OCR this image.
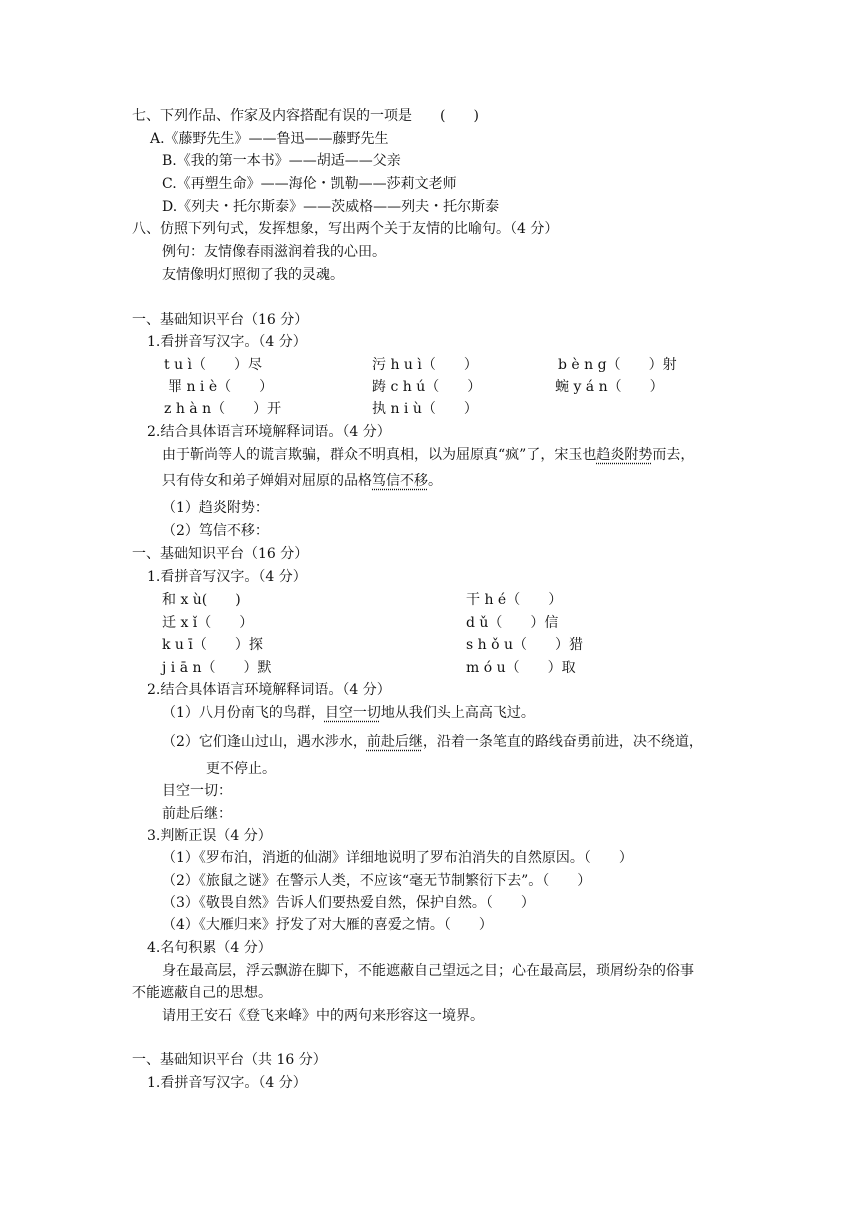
七、下列作品、作家及内容搭配有误的一项是　　(　　)
A.《藤野先生》——鲁迅——藤野先生
B.《我的第一本书》——胡适——父亲
C.《再塑生命》——海伦・凯勒——莎莉文老师
D.《列夫・托尔斯泰》——茨威格——列夫・托尔斯泰
八、仿照下列句式，发挥想象，写出两个关于友情的比喻句。（4 分）
例句：友情像春雨滋润着我的心田。
友情像明灯照彻了我的灵魂。
一、基础知识平台（16 分）
1.看拼音写汉字。（4 分）
t u ì（　　）尽	污 h u ì（　　）	b è n g（　　）射
罪 n i è（　　）	踌 c h ú（　　）	蜿 y á n（　　）
z h à n（　　）开	执 n i ù（　　）
2.结合具体语言环境解释词语。（4 分）
由于靳尚等人的谎言欺骗，群众不明真相，以为屈原真“疯”了，宋玉也趋炎附势而去，
只有侍女和弟子婵娟对屈原的品格笃信不移。
（1）趋炎附势：
（2）笃信不移：
一、基础知识平台（16 分）
1.看拼音写汉字。（4 分）
和 x ù(　　)	干 h é（　　）
迁 x ǐ（　　）	d ǔ（　　）信
k u ī（　　）探	s h ǒ u（　　）猎
j i ā n（　　）默	m ó u（　　）取
2.结合具体语言环境解释词语。（4 分）
（1）八月份南飞的鸟群，目空一切地从我们头上高高飞过。
（2）它们逢山过山，遇水涉水，前赴后继，沿着一条笔直的路线奋勇前进，决不绕道，
更不停止。
目空一切：
前赴后继：
3.判断正误（4 分）
（1）《罗布泊，消逝的仙湖》详细地说明了罗布泊消失的自然原因。（　　）
（2）《旅鼠之谜》在警示人类，不应该“毫无节制繁衍下去”。（　　）
（3）《敬畏自然》告诉人们要热爱自然，保护自然。（　　）
（4）《大雁归来》抒发了对大雁的喜爱之情。（　　）
4.名句积累（4 分）
身在最高层，浮云飘游在脚下，不能遮蔽自己望远之目；心在最高层，琐屑纷杂的俗事
不能遮蔽自己的思想。
请用王安石《登飞来峰》中的两句来形容这一境界。
一、基础知识平台（共 16 分）
1.看拼音写汉字。（4 分）
